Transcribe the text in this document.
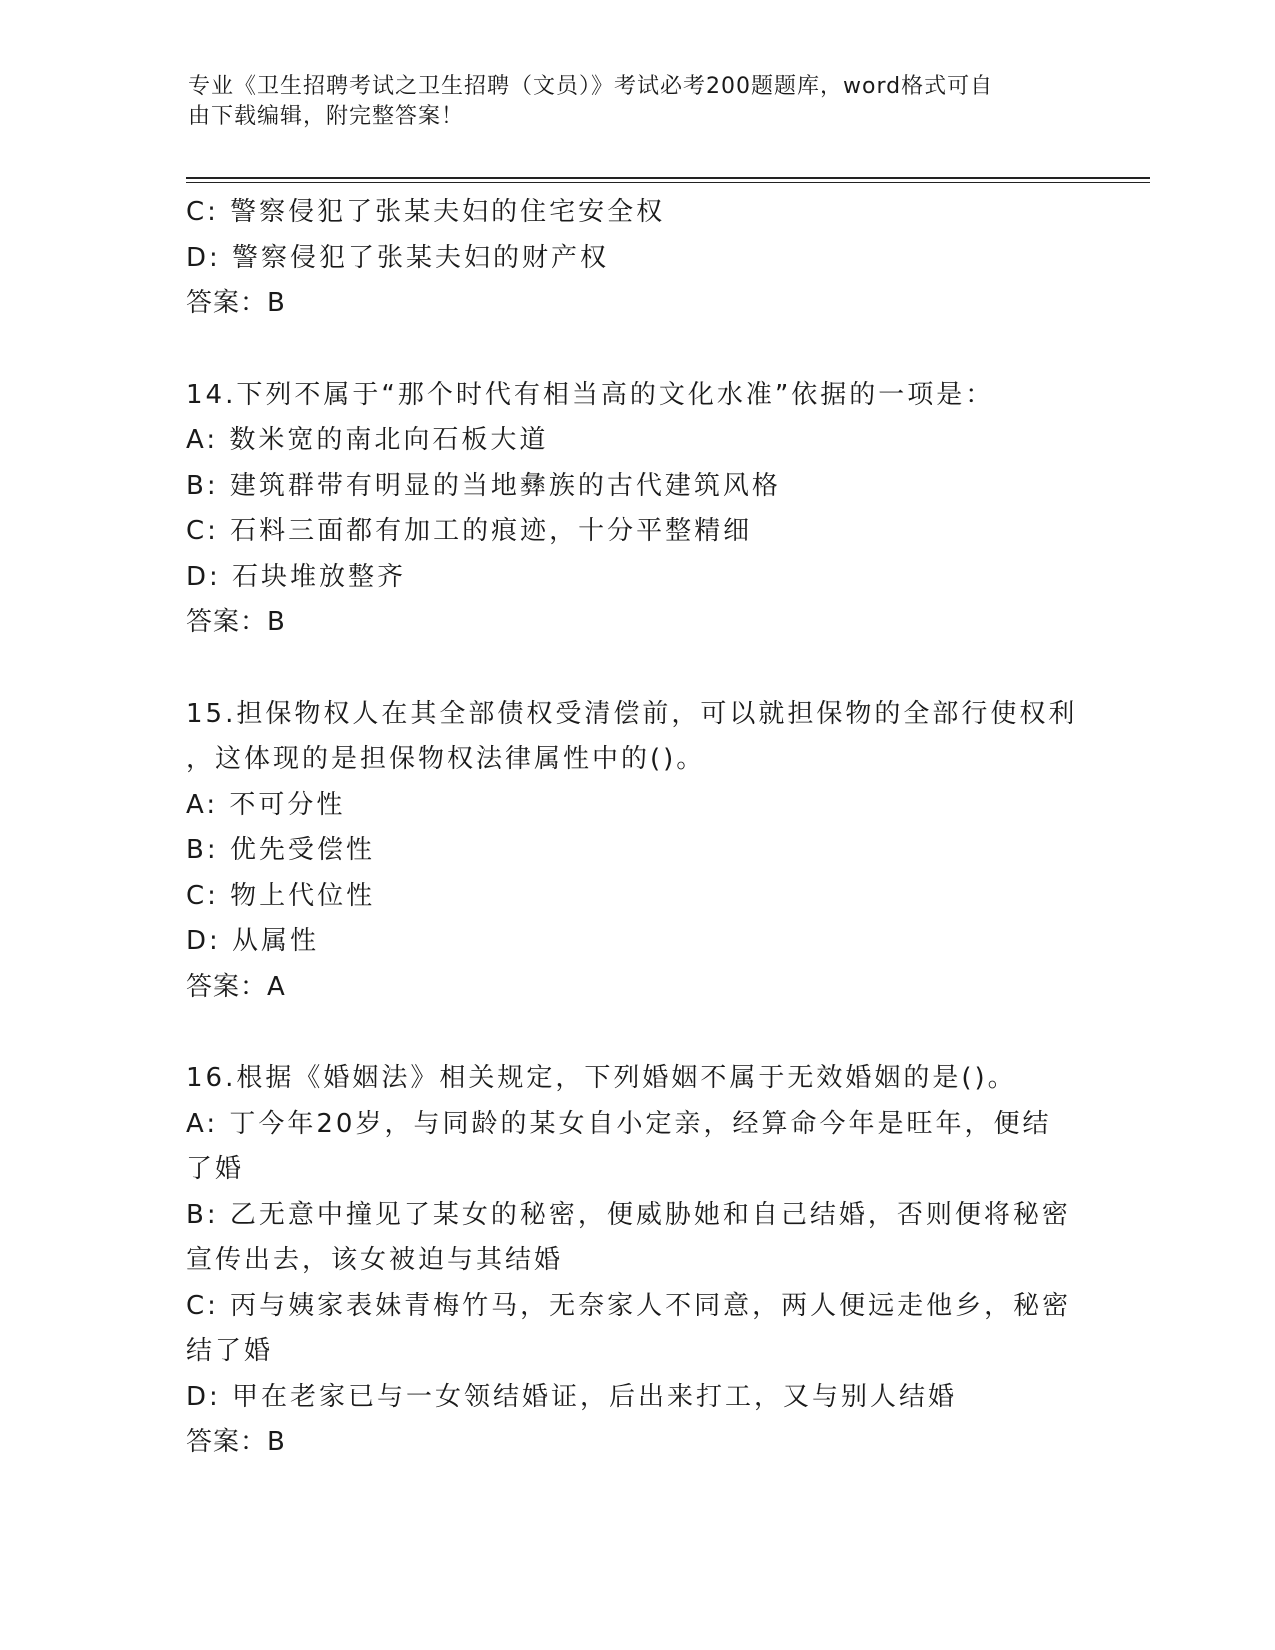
专业《卫生招聘考试之卫生招聘（文员）》考试必考200题题库，word格式可自
由下载编辑，附完整答案！
C: 警察侵犯了张某夫妇的住宅安全权
D: 警察侵犯了张某夫妇的财产权
答案：B
14.下列不属于“那个时代有相当高的文化水准”依据的一项是：
A: 数米宽的南北向石板大道
B: 建筑群带有明显的当地彝族的古代建筑风格
C: 石料三面都有加工的痕迹，十分平整精细
D: 石块堆放整齐
答案：B
15.担保物权人在其全部债权受清偿前，可以就担保物的全部行使权利
，这体现的是担保物权法律属性中的()。
A: 不可分性
B: 优先受偿性
C: 物上代位性
D: 从属性
答案：A
16.根据《婚姻法》相关规定，下列婚姻不属于无效婚姻的是()。
A: 丁今年20岁，与同龄的某女自小定亲，经算命今年是旺年，便结
了婚
B: 乙无意中撞见了某女的秘密，便威胁她和自己结婚，否则便将秘密
宣传出去，该女被迫与其结婚
C: 丙与姨家表妹青梅竹马，无奈家人不同意，两人便远走他乡，秘密
结了婚
D: 甲在老家已与一女领结婚证，后出来打工，又与别人结婚
答案：B
